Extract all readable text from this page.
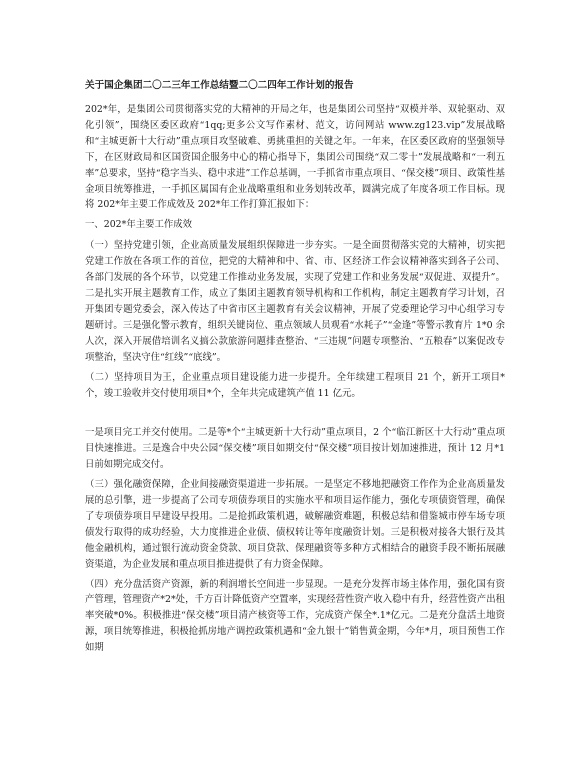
关于国企集团二〇二三年工作总结暨二〇二四年工作计划的报告

202*年，是集团公司贯彻落实党的大精神的开局之年，也是集团公司坚持“双模并举、双轮驱动、双化引领”，围绕区委区政府“1qq;更多公文写作素材、范文，访问网站 www.zg123.vip”发展战略和“主城更新十大行动”重点项目攻坚破难、勇挑重担的关键之年。一年来，在区委区政府的坚强领导下，在区财政局和区国资国企服务中心的精心指导下，集团公司围绕“双二零十”发展战略和“一利五率”总要求，坚持“稳字当头、稳中求进”工作总基调，一手抓省市重点项目、“保交楼”项目、政策性基金项目统筹推进，一手抓区属国有企业战略重组和业务划转改革，圆满完成了年度各项工作目标。现将 202*年主要工作成效及 202*年工作打算汇报如下：

一、202*年主要工作成效

（一）坚持党建引领，企业高质量发展组织保障进一步夯实。一是全面贯彻落实党的大精神，切实把党建工作放在各项工作的首位，把党的大精神和中、省、市、区经济工作会议精神落实到各子公司、各部门发展的各个环节，以党建工作推动业务发展，实现了党建工作和业务发展“双促进、双提升”。二是扎实开展主题教育工作，成立了集团主题教育领导机构和工作机构，制定主题教育学习计划，召开集团专题党委会，深入传达了中省市区主题教育有关会议精神，开展了党委理论学习中心组学习专题研讨。三是强化警示教育，组织关键岗位、重点领域人员观看“水耗子”“金逢”等警示教育片 1*0 余人次，深入开展借培训名义搞公款旅游问题排查整治、“三违规”问题专项整治、“五粮春”以案促改专项整治，坚决守住“红线”“底线”。

（二）坚持项目为王，企业重点项目建设能力进一步提升。全年续建工程项目 21 个，新开工项目*个，竣工验收并交付使用项目*个，全年共完成建筑产值 11 亿元。

一是项目完工并交付使用。二是等*个“主城更新十大行动”重点项目，2 个“临江新区十大行动”重点项目快速推进。三是逸合中央公园“保交楼”项目如期交付“保交楼”项目按计划加速推进，预计 12 月*1 日前如期完成交付。

（三）强化融资保障，企业间接融资渠道进一步拓展。一是坚定不移地把融资工作作为企业高质量发展的总引擎，进一步提高了公司专项债券项目的实施水平和项目运作能力，强化专项债资管理，确保了专项债券项目早建设早投用。二是抢抓政策机遇，破解融资难题，积极总结和借鉴城市停车场专项债发行取得的成功经验，大力度推进企业债、债权转让等年度融资计划。三是积极对接各大银行及其他金融机构，通过银行流动资金贷款、项目贷款、保理融资等多种方式相结合的融资手段不断拓展融资渠道，为企业发展和重点项目推进提供了有力资金保障。

（四）充分盘活资产资源，新的利润增长空间进一步显现。一是充分发挥市场主体作用，强化国有资产管理，管理资产*2*处，千方百计降低资产空置率，实现经营性资产收入稳中有升，经营性资产出租率突破*0%。积极推进“保交楼”项目清产核资等工作，完成资产保全*.1*亿元。二是充分盘活土地资源，项目统筹推进，积极抢抓房地产调控政策机遇和“金九银十”销售黄金期，今年*月，项目预售工作如期
